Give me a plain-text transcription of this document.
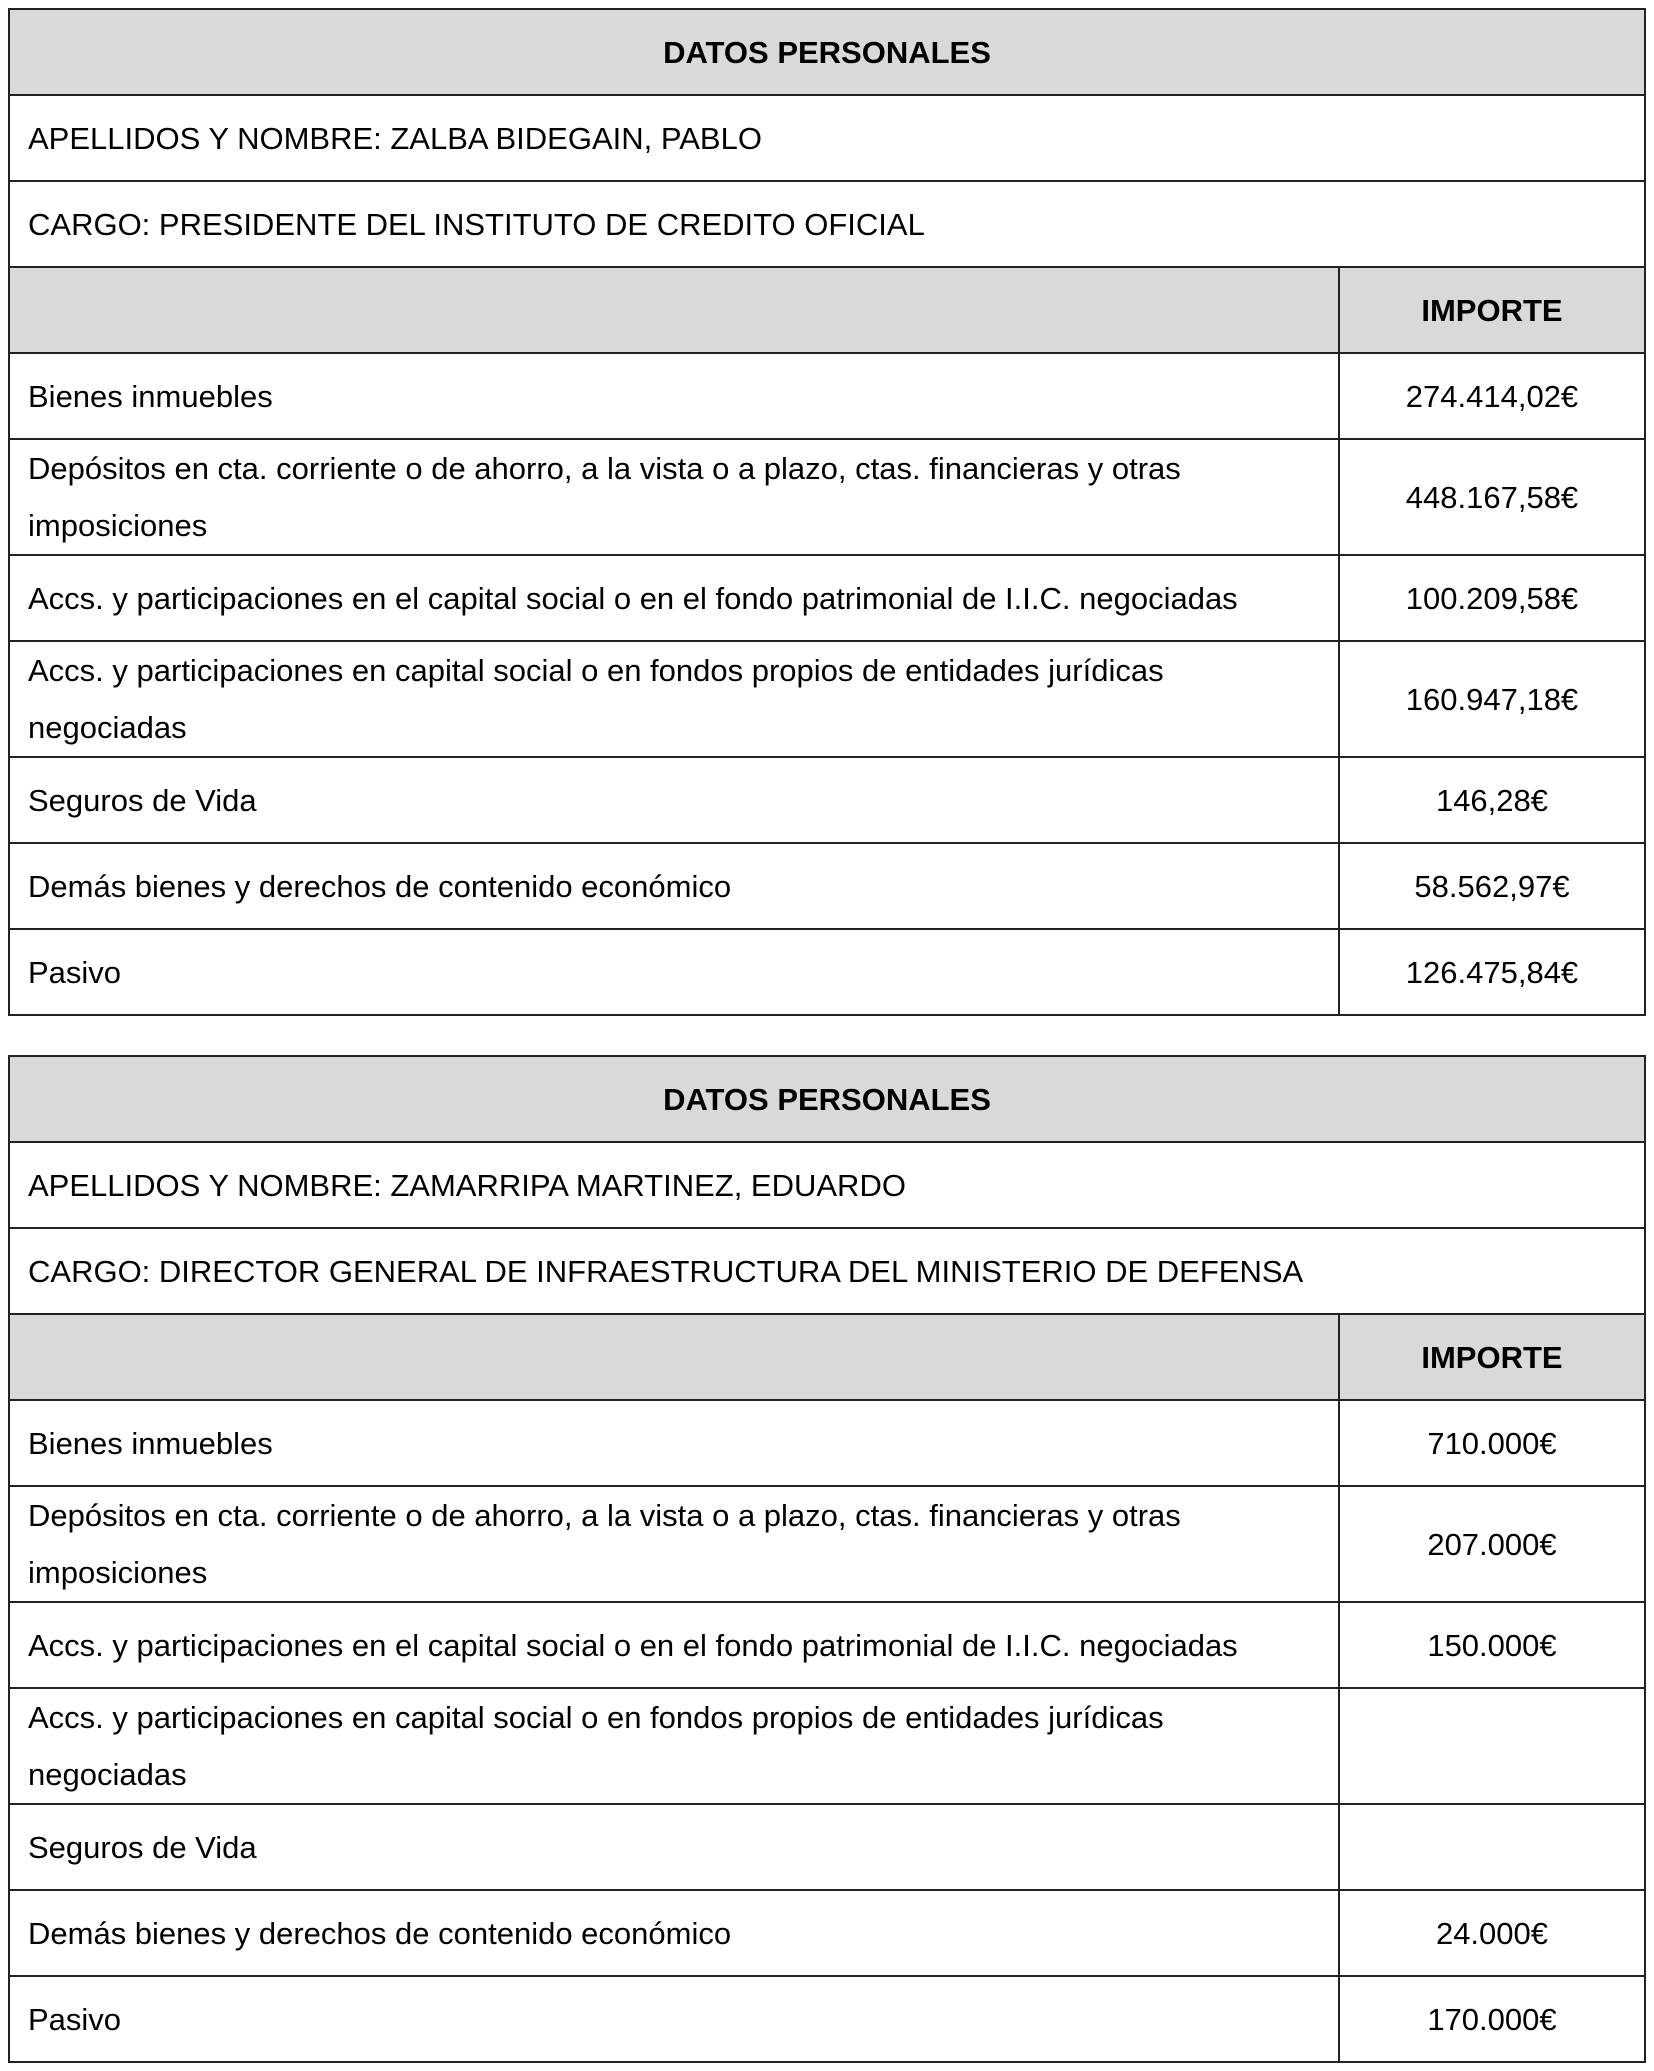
DATOS PERSONALES	
APELLIDOS Y NOMBRE: ZALBA BIDEGAIN, PABLO	
CARGO: PRESIDENTE DEL INSTITUTO DE CREDITO OFICIAL	
	IMPORTE
Bienes inmuebles	274.414,02€
Depósitos en cta. corriente o de ahorro, a la vista o a plazo, ctas. financieras y otras imposiciones	448.167,58€
Accs. y participaciones en el capital social o en el fondo patrimonial de I.I.C. negociadas	100.209,58€
Accs. y participaciones en capital social o en fondos propios de entidades jurídicas negociadas	160.947,18€
Seguros de Vida	146,28€
Demás bienes y derechos de contenido económico	58.562,97€
Pasivo	126.475,84€
DATOS PERSONALES	
APELLIDOS Y NOMBRE: ZAMARRIPA MARTINEZ, EDUARDO	
CARGO: DIRECTOR GENERAL DE INFRAESTRUCTURA DEL MINISTERIO DE DEFENSA	
	IMPORTE
Bienes inmuebles	710.000€
Depósitos en cta. corriente o de ahorro, a la vista o a plazo, ctas. financieras y otras imposiciones	207.000€
Accs. y participaciones en el capital social o en el fondo patrimonial de I.I.C. negociadas	150.000€
Accs. y participaciones en capital social o en fondos propios de entidades jurídicas negociadas	
Seguros de Vida	
Demás bienes y derechos de contenido económico	24.000€
Pasivo	170.000€
